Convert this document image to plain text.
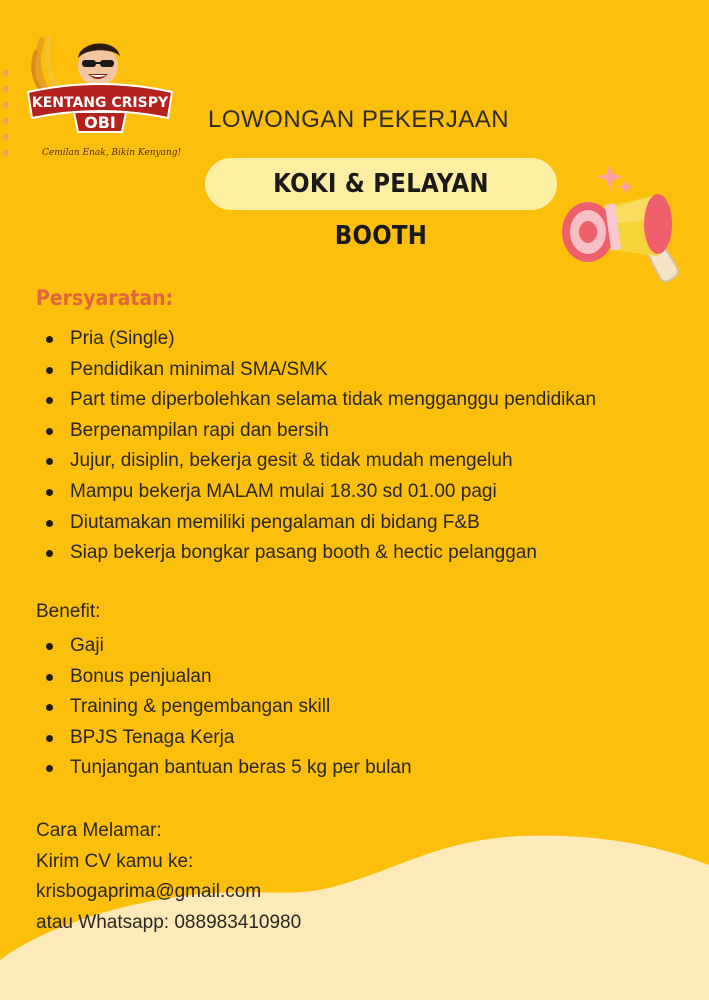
KENTANG CRISPY
OBI
Cemilan Enak, Bikin Kenyang!
LOWONGAN PEKERJAAN
KOKI & PELAYAN BOOTH
Persyaratan:
Pria (Single)
Pendidikan minimal SMA/SMK
Part time diperbolehkan selama tidak mengganggu pendidikan
Berpenampilan rapi dan bersih
Jujur, disiplin, bekerja gesit & tidak mudah mengeluh
Mampu bekerja MALAM mulai 18.30 sd 01.00 pagi
Diutamakan memiliki pengalaman di bidang F&B
Siap bekerja bongkar pasang booth & hectic pelanggan
Benefit:
Gaji
Bonus penjualan
Training & pengembangan skill
BPJS Tenaga Kerja
Tunjangan bantuan beras 5 kg per bulan
Cara Melamar:
Kirim CV kamu ke:
krisbogaprima@gmail.com
atau Whatsapp: 088983410980
